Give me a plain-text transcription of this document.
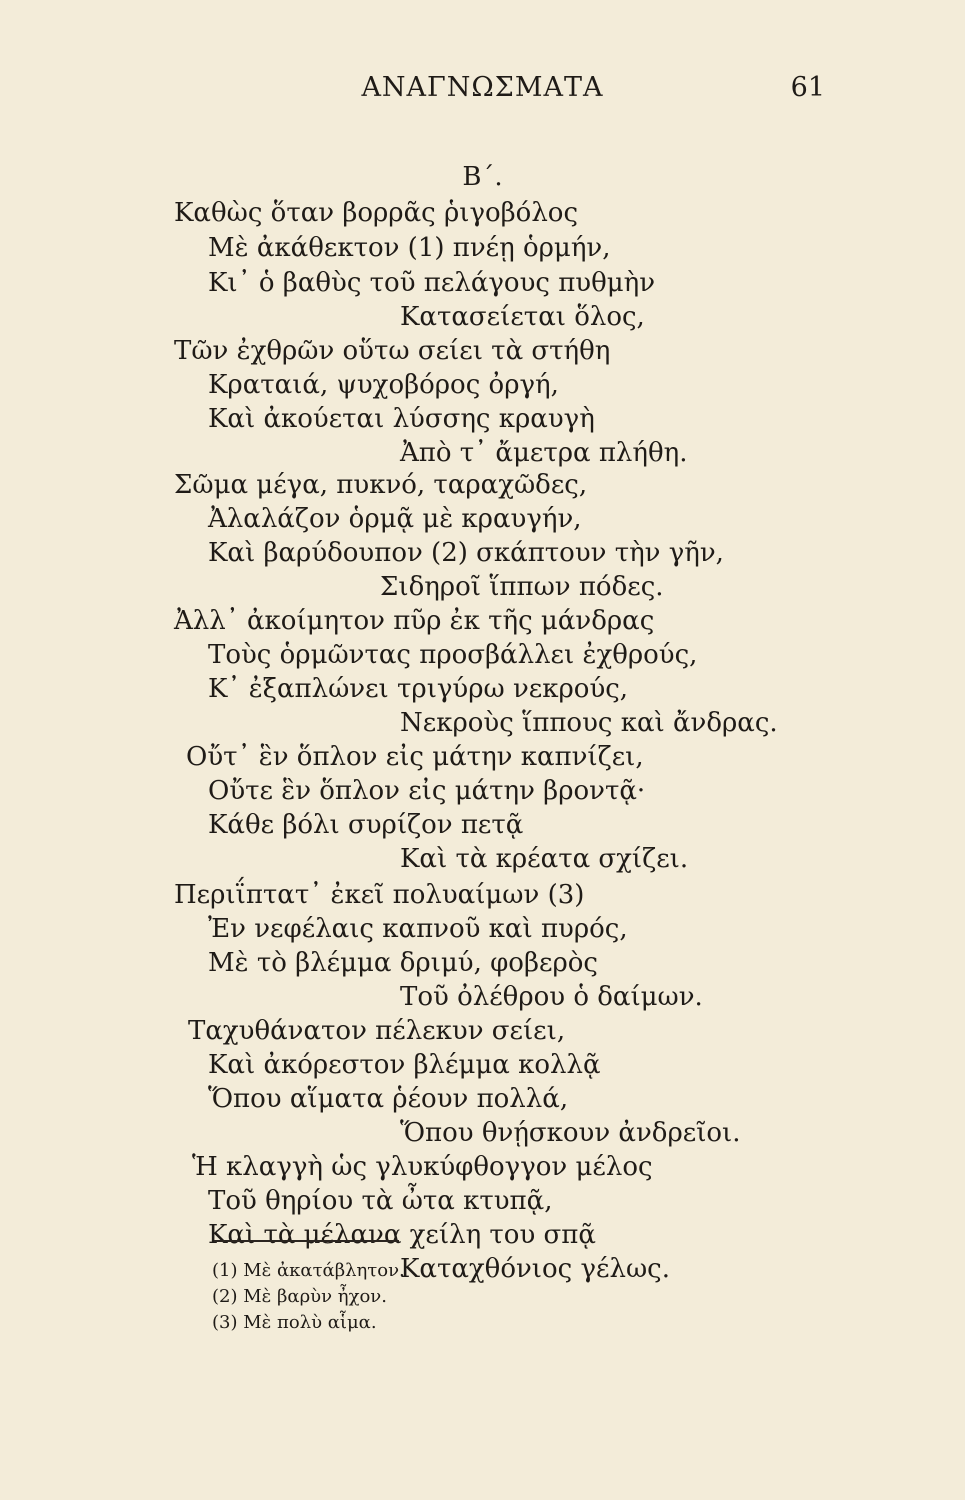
ΑΝΑΓΝΩΣΜΑΤΑ	61
Β΄.
Καθὼς ὅταν βορρᾶς ῥιγοβόλος
Μὲ ἀκάθεκτον (1) πνέῃ ὁρμήν,
Κι᾽ ὁ βαθὺς τοῦ πελάγους πυθμὴν
Κατασείεται ὅλος,
Τῶν ἐχθρῶν οὕτω σείει τὰ στήθη
Κραταιά, ψυχοβόρος ὀργή,
Καὶ ἀκούεται λύσσης κραυγὴ
Ἀπὸ τ᾽ ἄμετρα πλήθη.
Σῶμα μέγα, πυκνό, ταραχῶδες,
Ἀλαλάζον ὁρμᾷ μὲ κραυγήν,
Καὶ βαρύδουπον (2) σκάπτουν τὴν γῆν,
Σιδηροῖ ἵππων πόδες.
Ἀλλ᾽ ἀκοίμητον πῦρ ἐκ τῆς μάνδρας
Τοὺς ὁρμῶντας προσβάλλει ἐχθρούς,
Κ᾽ ἐξαπλώνει τριγύρω νεκρούς,
Νεκροὺς ἵππους καὶ ἄνδρας.
Οὔτ᾽ ἓν ὅπλον εἰς μάτην καπνίζει,
Οὔτε ἓν ὅπλον εἰς μάτην βροντᾷ·
Κάθε βόλι συρίζον πετᾷ
Καὶ τὰ κρέατα σχίζει.
Περιΐπτατ᾽ ἐκεῖ πολυαίμων (3)
Ἐν νεφέλαις καπνοῦ καὶ πυρός,
Μὲ τὸ βλέμμα δριμύ, φοβερὸς
Τοῦ ὀλέθρου ὁ δαίμων.
Ταχυθάνατον πέλεκυν σείει,
Καὶ ἀκόρεστον βλέμμα κολλᾷ
Ὅπου αἵματα ῥέουν πολλά,
Ὅπου θνῄσκουν ἀνδρεῖοι.
Ἡ κλαγγὴ ὡς γλυκύφθογγον μέλος
Τοῦ θηρίου τὰ ὦτα κτυπᾷ,
Καὶ τὰ μέλανα χείλη του σπᾷ
Καταχθόνιος γέλως.
(1) Μὲ ἀκατάβλητον.
(2) Μὲ βαρὺν ἦχον.
(3) Μὲ πολὺ αἷμα.
